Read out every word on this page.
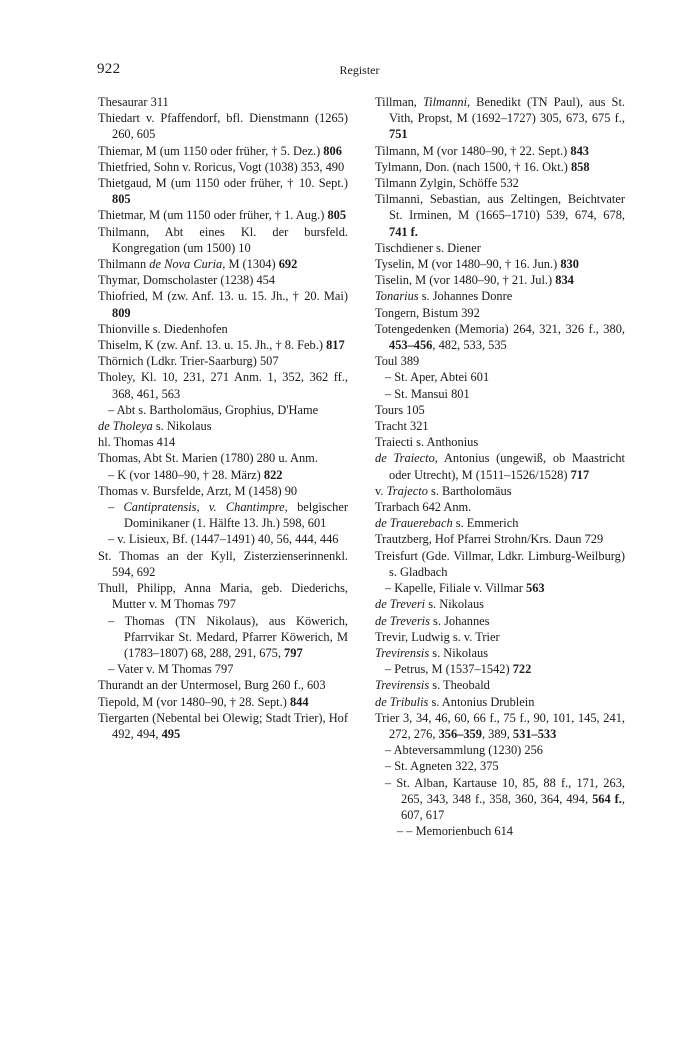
922	Register
Thesaurar 311
Thiedart v. Pfaffendorf, bfl. Dienstmann (1265) 260, 605
Thiemar, M (um 1150 oder früher, † 5. Dez.) 806
Thietfried, Sohn v. Roricus, Vogt (1038) 353, 490
Thietgaud, M (um 1150 oder früher, † 10. Sept.) 805
Thietmar, M (um 1150 oder früher, † 1. Aug.) 805
Thilmann, Abt eines Kl. der bursfeld. Kongregation (um 1500) 10
Thilmann de Nova Curia, M (1304) 692
Thymar, Domscholaster (1238) 454
Thiofried, M (zw. Anf. 13. u. 15. Jh., † 20. Mai) 809
Thionville s. Diedenhofen
Thiselm, K (zw. Anf. 13. u. 15. Jh., † 8. Feb.) 817
Thörnich (Ldkr. Trier-Saarburg) 507
Tholey, Kl. 10, 231, 271 Anm. 1, 352, 362 ff., 368, 461, 563
– Abt s. Bartholomäus, Grophius, D'Hame
de Tholeya s. Nikolaus
hl. Thomas 414
Thomas, Abt St. Marien (1780) 280 u. Anm.
– K (vor 1480–90, † 28. März) 822
Thomas v. Bursfelde, Arzt, M (1458) 90
– Cantipratensis, v. Chantimpre, belgischer Dominikaner (1. Hälfte 13. Jh.) 598, 601
– v. Lisieux, Bf. (1447–1491) 40, 56, 444, 446
St. Thomas an der Kyll, Zisterzienserinnenkl. 594, 692
Thull, Philipp, Anna Maria, geb. Diederichs, Mutter v. M Thomas 797
– Thomas (TN Nikolaus), aus Köwerich, Pfarrvikar St. Medard, Pfarrer Köwerich, M (1783–1807) 68, 288, 291, 675, 797
– Vater v. M Thomas 797
Thurandt an der Untermosel, Burg 260 f., 603
Tiepold, M (vor 1480–90, † 28. Sept.) 844
Tiergarten (Nebental bei Olewig; Stadt Trier), Hof 492, 494, 495
Tillman, Tilmanni, Benedikt (TN Paul), aus St. Vith, Propst, M (1692–1727) 305, 673, 675 f., 751
Tilmann, M (vor 1480–90, † 22. Sept.) 843
Tylmann, Don. (nach 1500, † 16. Okt.) 858
Tilmann Zylgin, Schöffe 532
Tilmanni, Sebastian, aus Zeltingen, Beichtvater St. Irminen, M (1665–1710) 539, 674, 678, 741 f.
Tischdiener s. Diener
Tyselin, M (vor 1480–90, † 16. Jun.) 830
Tiselin, M (vor 1480–90, † 21. Jul.) 834
Tonarius s. Johannes Donre
Tongern, Bistum 392
Totengedenken (Memoria) 264, 321, 326 f., 380, 453–456, 482, 533, 535
Toul 389
– St. Aper, Abtei 601
– St. Mansui 801
Tours 105
Tracht 321
Traiecti s. Anthonius
de Traiecto, Antonius (ungewiß, ob Maastricht oder Utrecht), M (1511–1526/1528) 717
v. Trajecto s. Bartholomäus
Trarbach 642 Anm.
de Trauerebach s. Emmerich
Trautzberg, Hof Pfarrei Strohn/Krs. Daun 729
Treisfurt (Gde. Villmar, Ldkr. Limburg-Weilburg) s. Gladbach
– Kapelle, Filiale v. Villmar 563
de Treveri s. Nikolaus
de Treveris s. Johannes
Trevir, Ludwig s. v. Trier
Trevirensis s. Nikolaus
– Petrus, M (1537–1542) 722
Trevirensis s. Theobald
de Tribulis s. Antonius Drublein
Trier 3, 34, 46, 60, 66 f., 75 f., 90, 101, 145, 241, 272, 276, 356–359, 389, 531–533
– Abteversammlung (1230) 256
– St. Agneten 322, 375
– St. Alban, Kartause 10, 85, 88 f., 171, 263, 265, 343, 348 f., 358, 360, 364, 494, 564 f., 607, 617
– – Memorienbuch 614
